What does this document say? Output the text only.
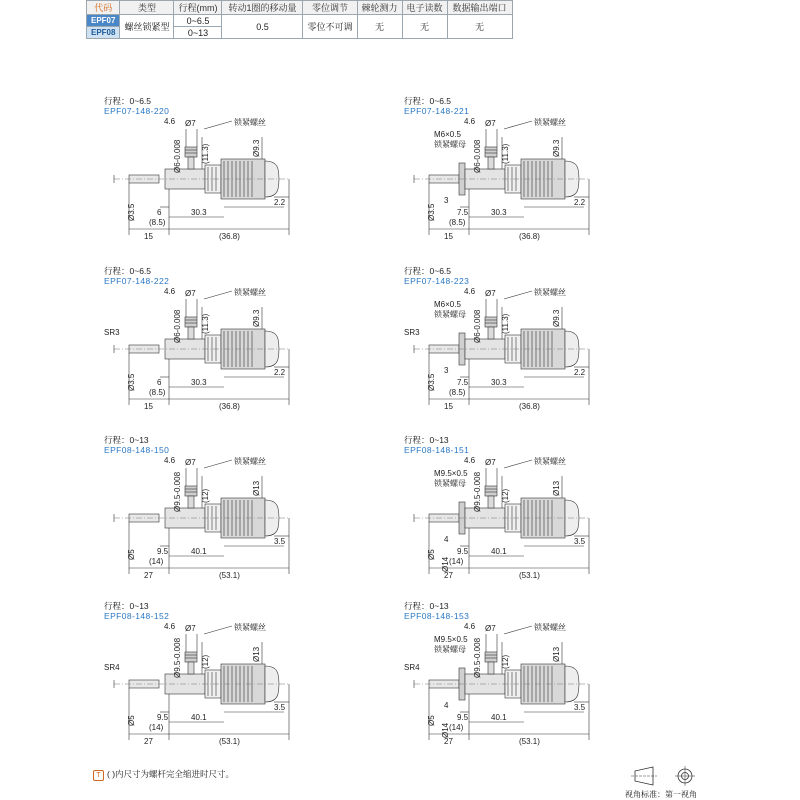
代码	类型	行程(mm)	转动1圈的移动量	零位调节	棘轮测力	电子读数	数据输出端口
EPF07	螺丝锁紧型	0~6.5	0.5	零位不可调	无	无	无
EPF08		0~13					
行程：0~6.5
EPF07-148-220
4.6 Ø7	锁紧螺丝
Ø6-0.008 (11.3)	Ø9.3
Ø3.5	6
(8.5)
30.3
2.2
15	(36.8)
行程：0~6.5
EPF07-148-221
4.6 Ø7	锁紧螺丝
Ø6-0.008 (11.3)	Ø9.3
Ø3.5	7.5
(8.5)
30.3
2.2
15	(36.8)
M6×0.5
锁紧螺母
3
行程：0~6.5
EPF07-148-222
4.6 Ø7	锁紧螺丝
Ø6-0.008 (11.3)	Ø9.3
Ø3.5	6
(8.5)
30.3
2.2
15	(36.8)
SR3
行程：0~6.5
EPF07-148-223
4.6 Ø7	锁紧螺丝
Ø6-0.008 (11.3)	Ø9.3
Ø3.5	7.5
(8.5)
30.3
2.2
15	(36.8)
M6×0.5
锁紧螺母
3
SR3
行程：0~13
EPF08-148-150
4.6 Ø7	锁紧螺丝
Ø9.5-0.008 (12)	Ø13
Ø5	9.5
(14)
40.1
3.5
27	(53.1)
行程：0~13
EPF08-148-151
4.6 Ø7	锁紧螺丝
Ø9.5-0.008 (12)	Ø13
Ø5	9.5
(14)
40.1
3.5
27	(53.1)
M9.5×0.5
锁紧螺母
4
Ø14
行程：0~13
EPF08-148-152
4.6 Ø7	锁紧螺丝
Ø9.5-0.008 (12)	Ø13
Ø5	9.5
(14)
40.1
3.5
27	(53.1)
SR4
行程：0~13
EPF08-148-153
4.6 Ø7	锁紧螺丝
Ø9.5-0.008 (12)	Ø13
Ø5	9.5
(14)
40.1
3.5
27	(53.1)
M9.5×0.5
锁紧螺母
4
Ø14
SR4
T ( )内尺寸为螺杆完全缩进时尺寸。
视角标准：第一视角
